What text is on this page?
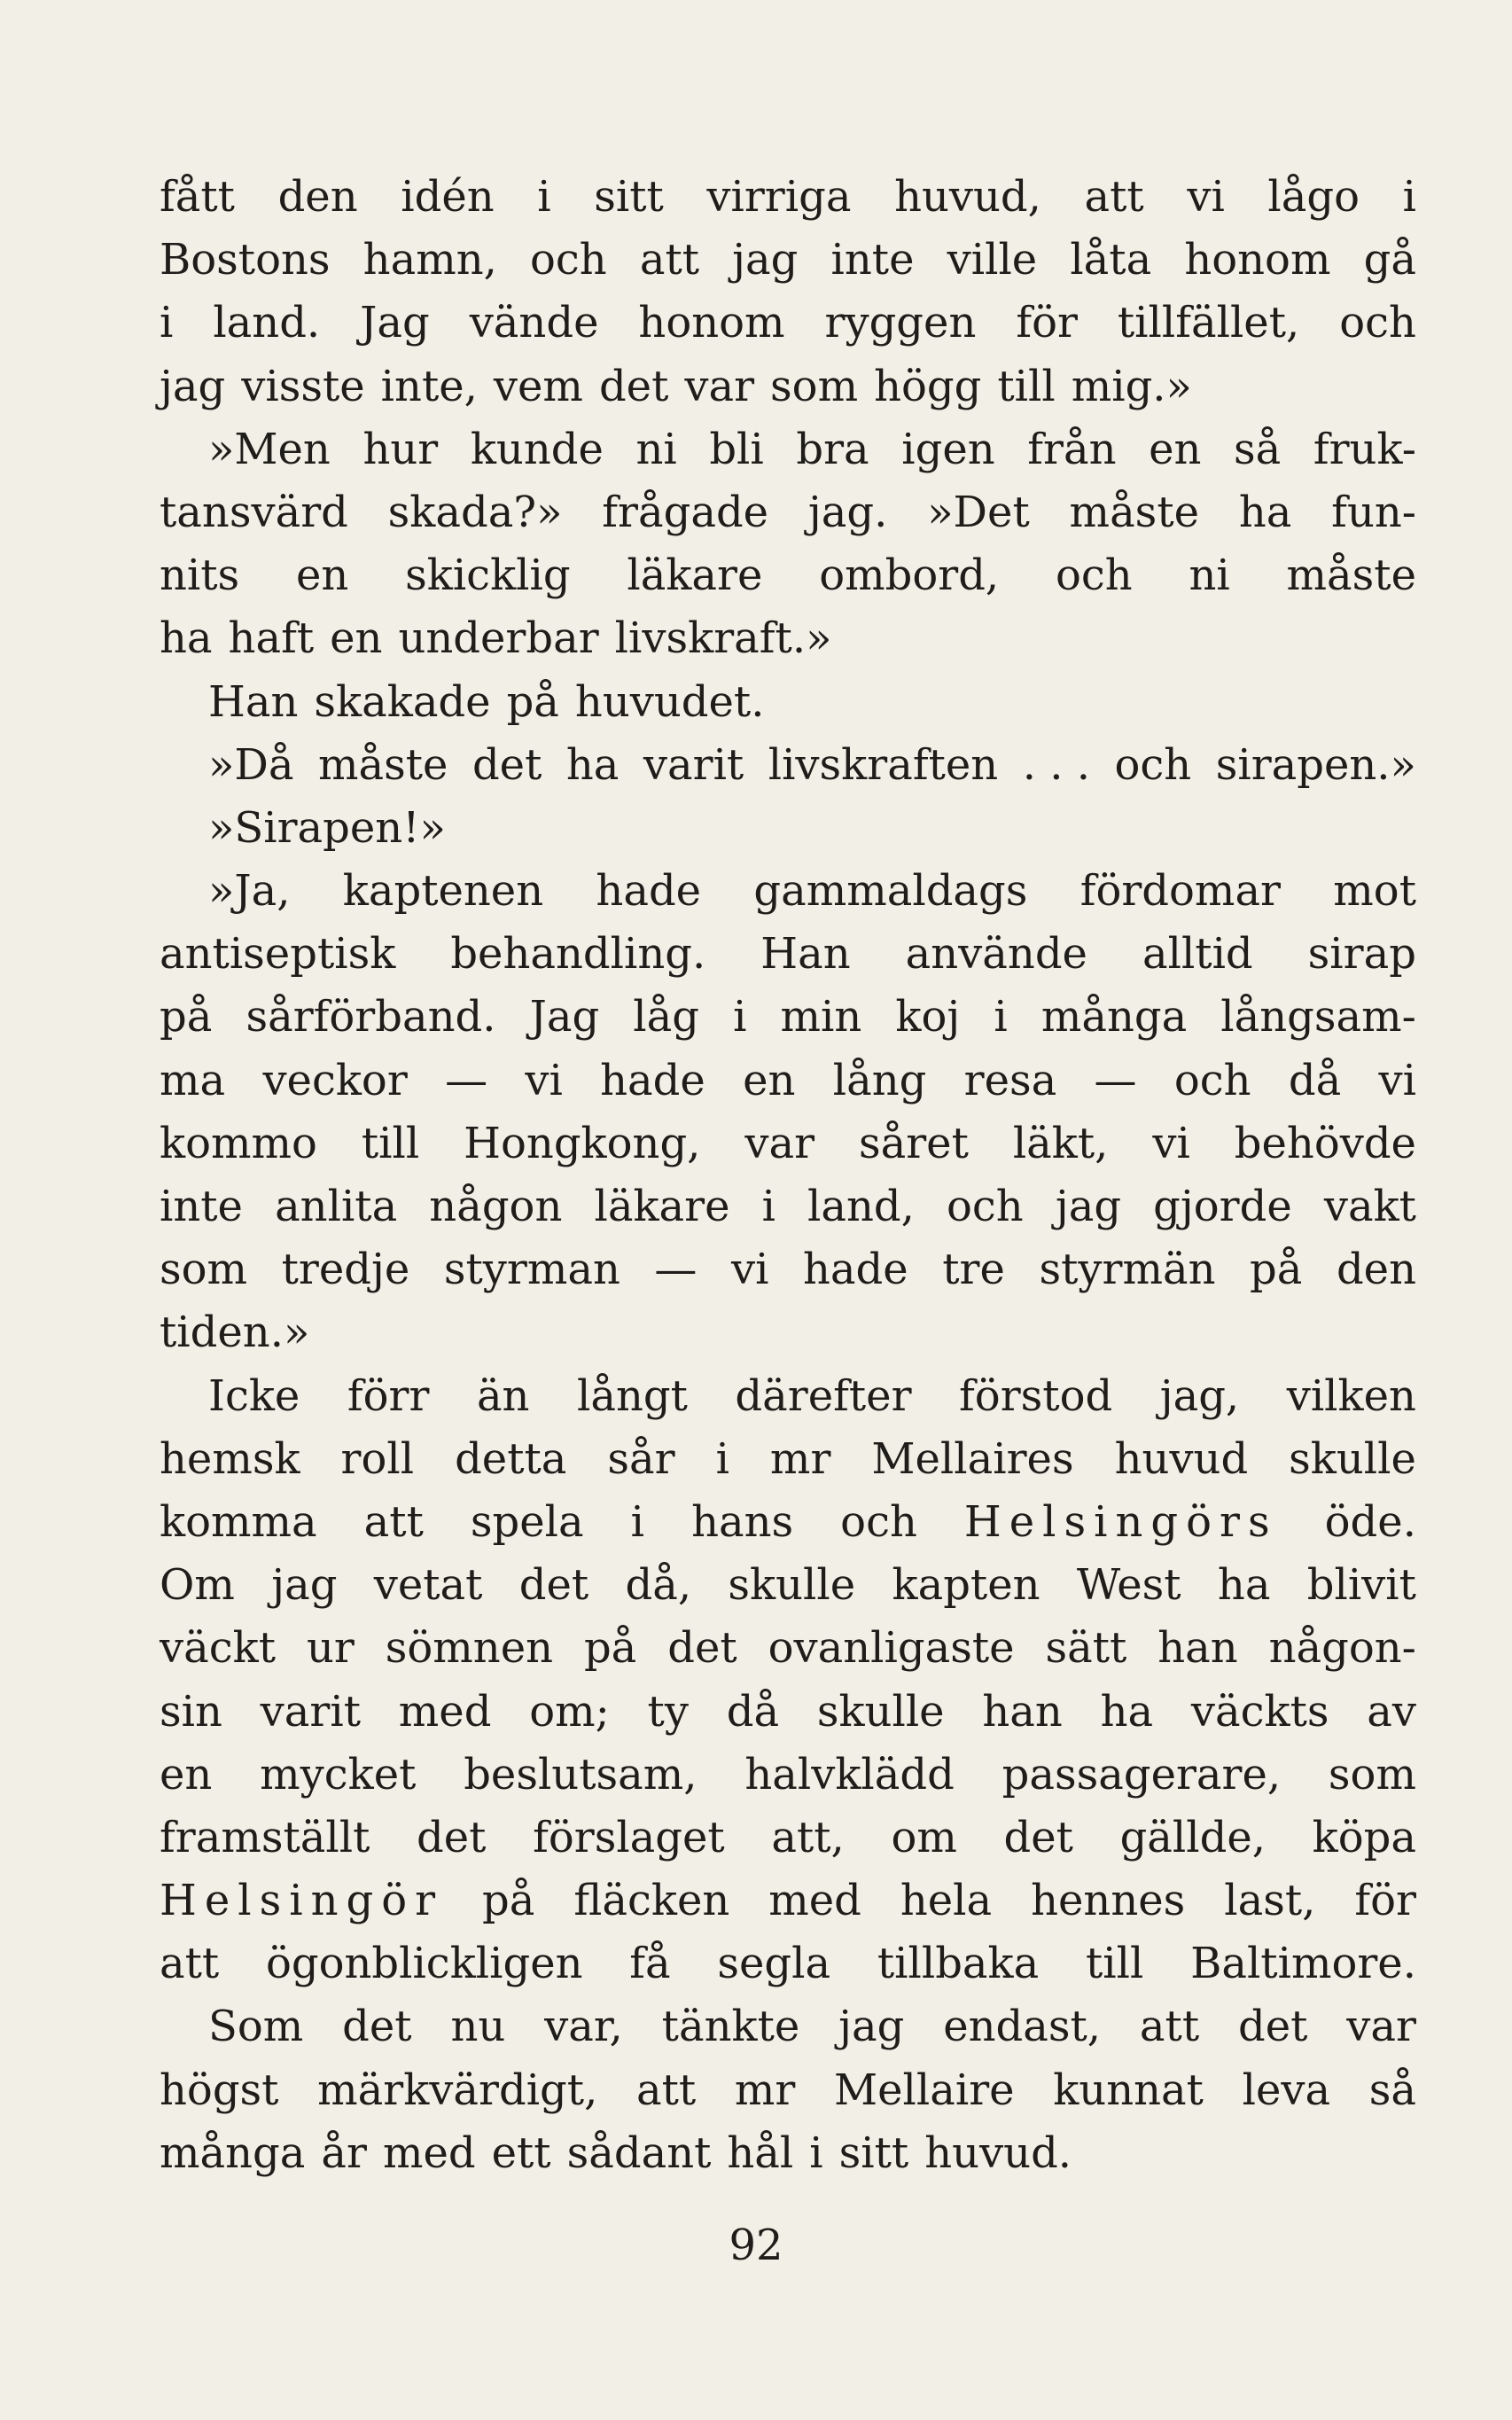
fått den idén i sitt virriga huvud, att vi lågo i
Bostons hamn, och att jag inte ville låta honom gå
i land. Jag vände honom ryggen för tillfället, och
jag visste inte, vem det var som högg till mig.»
»Men hur kunde ni bli bra igen från en så fruk-
tansvärd skada?» frågade jag. »Det måste ha fun-
nits en skicklig läkare ombord, och ni måste
ha haft en underbar livskraft.»
Han skakade på huvudet.
»Då måste det ha varit livskraften . . . och sirapen.»
»Sirapen!»
»Ja, kaptenen hade gammaldags fördomar mot
antiseptisk behandling. Han använde alltid sirap
på sårförband. Jag låg i min koj i många långsam-
ma veckor — vi hade en lång resa — och då vi
kommo till Hongkong, var såret läkt, vi behövde
inte anlita någon läkare i land, och jag gjorde vakt
som tredje styrman — vi hade tre styrmän på den
tiden.»
Icke förr än långt därefter förstod jag, vilken
hemsk roll detta sår i mr Mellaires huvud skulle
komma att spela i hans och Helsingörs öde.
Om jag vetat det då, skulle kapten West ha blivit
väckt ur sömnen på det ovanligaste sätt han någon-
sin varit med om; ty då skulle han ha väckts av
en mycket beslutsam, halvklädd passagerare, som
framställt det förslaget att, om det gällde, köpa
Helsingör på fläcken med hela hennes last, för
att ögonblickligen få segla tillbaka till Baltimore.
Som det nu var, tänkte jag endast, att det var
högst märkvärdigt, att mr Mellaire kunnat leva så
många år med ett sådant hål i sitt huvud.
92
